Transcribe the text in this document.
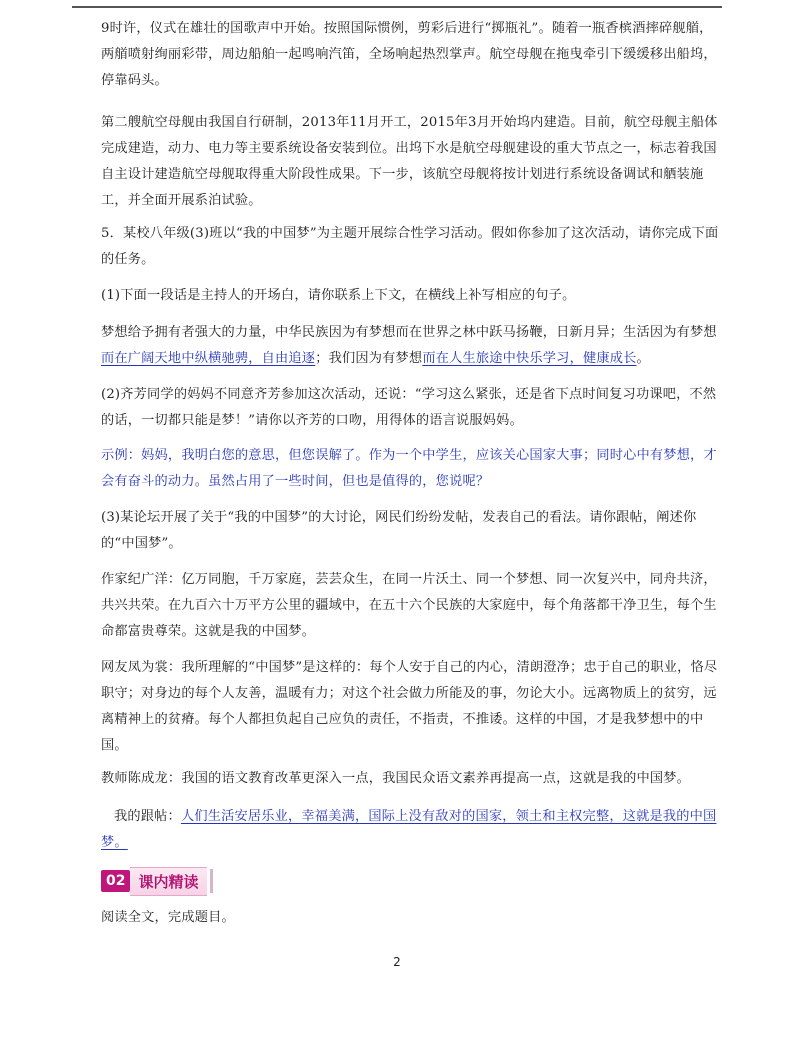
9时许，仪式在雄壮的国歌声中开始。按照国际惯例，剪彩后进行“掷瓶礼”。随着一瓶香槟酒摔碎舰艏，两艏喷射绚丽彩带，周边船舶一起鸣响汽笛，全场响起热烈掌声。航空母舰在拖曳牵引下缓缓移出船坞，停靠码头。

第二艘航空母舰由我国自行研制，2013年11月开工，2015年3月开始坞内建造。目前，航空母舰主船体完成建造，动力、电力等主要系统设备安装到位。出坞下水是航空母舰建设的重大节点之一，标志着我国自主设计建造航空母舰取得重大阶段性成果。下一步，该航空母舰将按计划进行系统设备调试和舾装施工，并全面开展系泊试验。

5．某校八年级(3)班以“我的中国梦”为主题开展综合性学习活动。假如你参加了这次活动，请你完成下面的任务。

(1)下面一段话是主持人的开场白，请你联系上下文，在横线上补写相应的句子。

梦想给予拥有者强大的力量，中华民族因为有梦想而在世界之林中跃马扬鞭，日新月异；生活因为有梦想而在广阔天地中纵横驰骋，自由追逐；我们因为有梦想而在人生旅途中快乐学习，健康成长。

(2)齐芳同学的妈妈不同意齐芳参加这次活动，还说：“学习这么紧张，还是省下点时间复习功课吧，不然的话，一切都只能是梦！”请你以齐芳的口吻，用得体的语言说服妈妈。

示例：妈妈，我明白您的意思，但您误解了。作为一个中学生，应该关心国家大事；同时心中有梦想，才会有奋斗的动力。虽然占用了一些时间，但也是值得的，您说呢？

(3)某论坛开展了关于“我的中国梦”的大讨论，网民们纷纷发帖，发表自己的看法。请你跟帖，阐述你的“中国梦”。

作家纪广洋：亿万同胞，千万家庭，芸芸众生，在同一片沃土、同一个梦想、同一次复兴中，同舟共济，共兴共荣。在九百六十万平方公里的疆域中，在五十六个民族的大家庭中，每个角落都干净卫生，每个生命都富贵尊荣。这就是我的中国梦。

网友凤为裳：我所理解的“中国梦”是这样的：每个人安于自己的内心，清朗澄净；忠于自己的职业，恪尽职守；对身边的每个人友善，温暖有力；对这个社会做力所能及的事，勿论大小。远离物质上的贫穷，远离精神上的贫瘠。每个人都担负起自己应负的责任，不指责，不推诿。这样的中国，才是我梦想中的中国。

教师陈成龙：我国的语文教育改革更深入一点，我国民众语文素养再提高一点，这就是我的中国梦。

我的跟帖：人们生活安居乐业，幸福美满，国际上没有敌对的国家，领土和主权完整，这就是我的中国梦。

02 课内精读

阅读全文，完成题目。

2
